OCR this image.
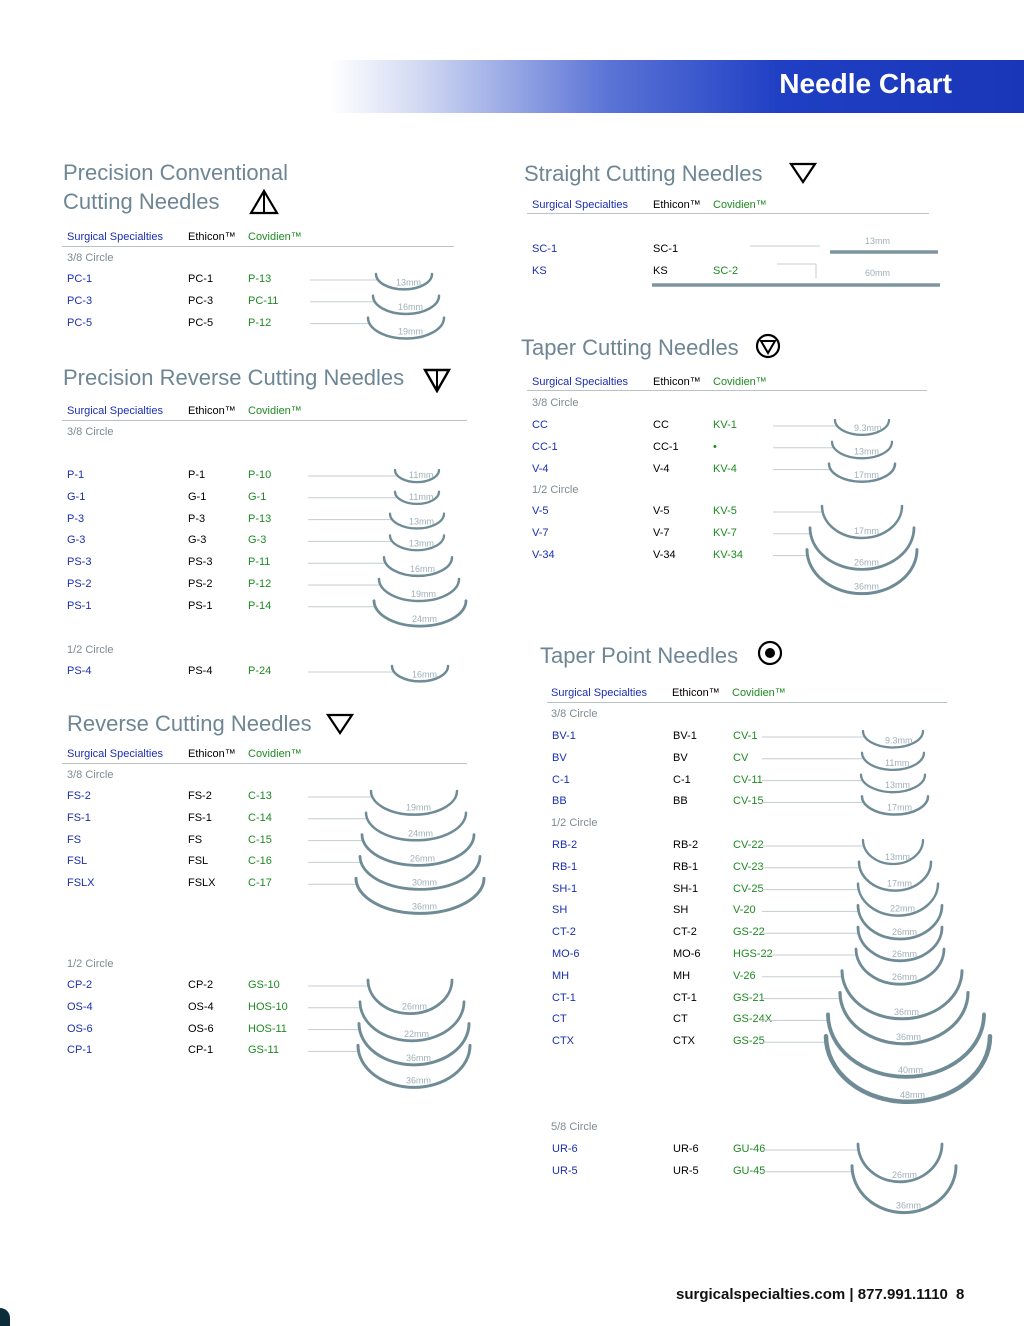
Needle Chart
Precision Conventional
Cutting Needles
Surgical Specialties Ethicon™ Covidien™
3/8 Circle
PC-1	PC-1	P-13
PC-3	PC-3	PC-11
PC-5	PC-5	P-12
13mm
16mm
19mm
Precision Reverse Cutting Needles
Surgical Specialties Ethicon™ Covidien™
3/8 Circle
1/2 Circle
P-1	P-1	P-10
G-1	G-1	G-1
P-3	P-3	P-13
G-3	G-3	G-3
PS-3	PS-3	P-11
PS-2	PS-2	P-12
PS-1	PS-1	P-14
11mm
11mm
13mm
13mm
16mm
19mm
24mm
PS-4	PS-4	P-24	16mm
Reverse Cutting Needles
Surgical Specialties Ethicon™ Covidien™
3/8 Circle
1/2 Circle
FS-2	FS-2	C-13
FS-1	FS-1	C-14
FS	FS	C-15
FSL	FSL	C-16
FSLX	FSLX	C-17
19mm
24mm
26mm
30mm
36mm
CP-2	CP-2	GS-10
OS-4	OS-4	HOS-10
OS-6	OS-6	HOS-11
CP-1	CP-1	GS-11
26mm
22mm
36mm
36mm
Straight Cutting Needles
Surgical Specialties Ethicon™ Covidien™
SC-1	SC-1
KS	KS	SC-2
13mm
60mm
Taper Cutting Needles
Surgical Specialties Ethicon™ Covidien™
3/8 Circle
1/2 Circle
CC	CC	KV-1
CC-1	CC-1	•
V-4	V-4	KV-4
9.3mm
13mm
17mm
V-5	V-5	KV-5
V-7	V-7	KV-7
V-34	V-34	KV-34
17mm
26mm
36mm
Taper Point Needles
Surgical Specialties Ethicon™ Covidien™
3/8 Circle
1/2 Circle
5/8 Circle
BV-1	BV-1	CV-1
BV	BV	CV
C-1	C-1	CV-11
BB	BB	CV-15
9.3mm
11mm
13mm
17mm
RB-2	RB-2	CV-22
RB-1	RB-1	CV-23
SH-1	SH-1	CV-25
SH	SH	V-20
CT-2	CT-2	GS-22
MO-6	MO-6	HGS-22
MH	MH	V-26
CT-1	CT-1	GS-21
CT	CT	GS-24X
CTX	CTX	GS-25
13mm
17mm
22mm
26mm
26mm
26mm
36mm
36mm
40mm
48mm
UR-6	UR-6	GU-46
UR-5	UR-5	GU-45	26mm
36mm
surgicalspecialties.com | 877.991.1110 8
